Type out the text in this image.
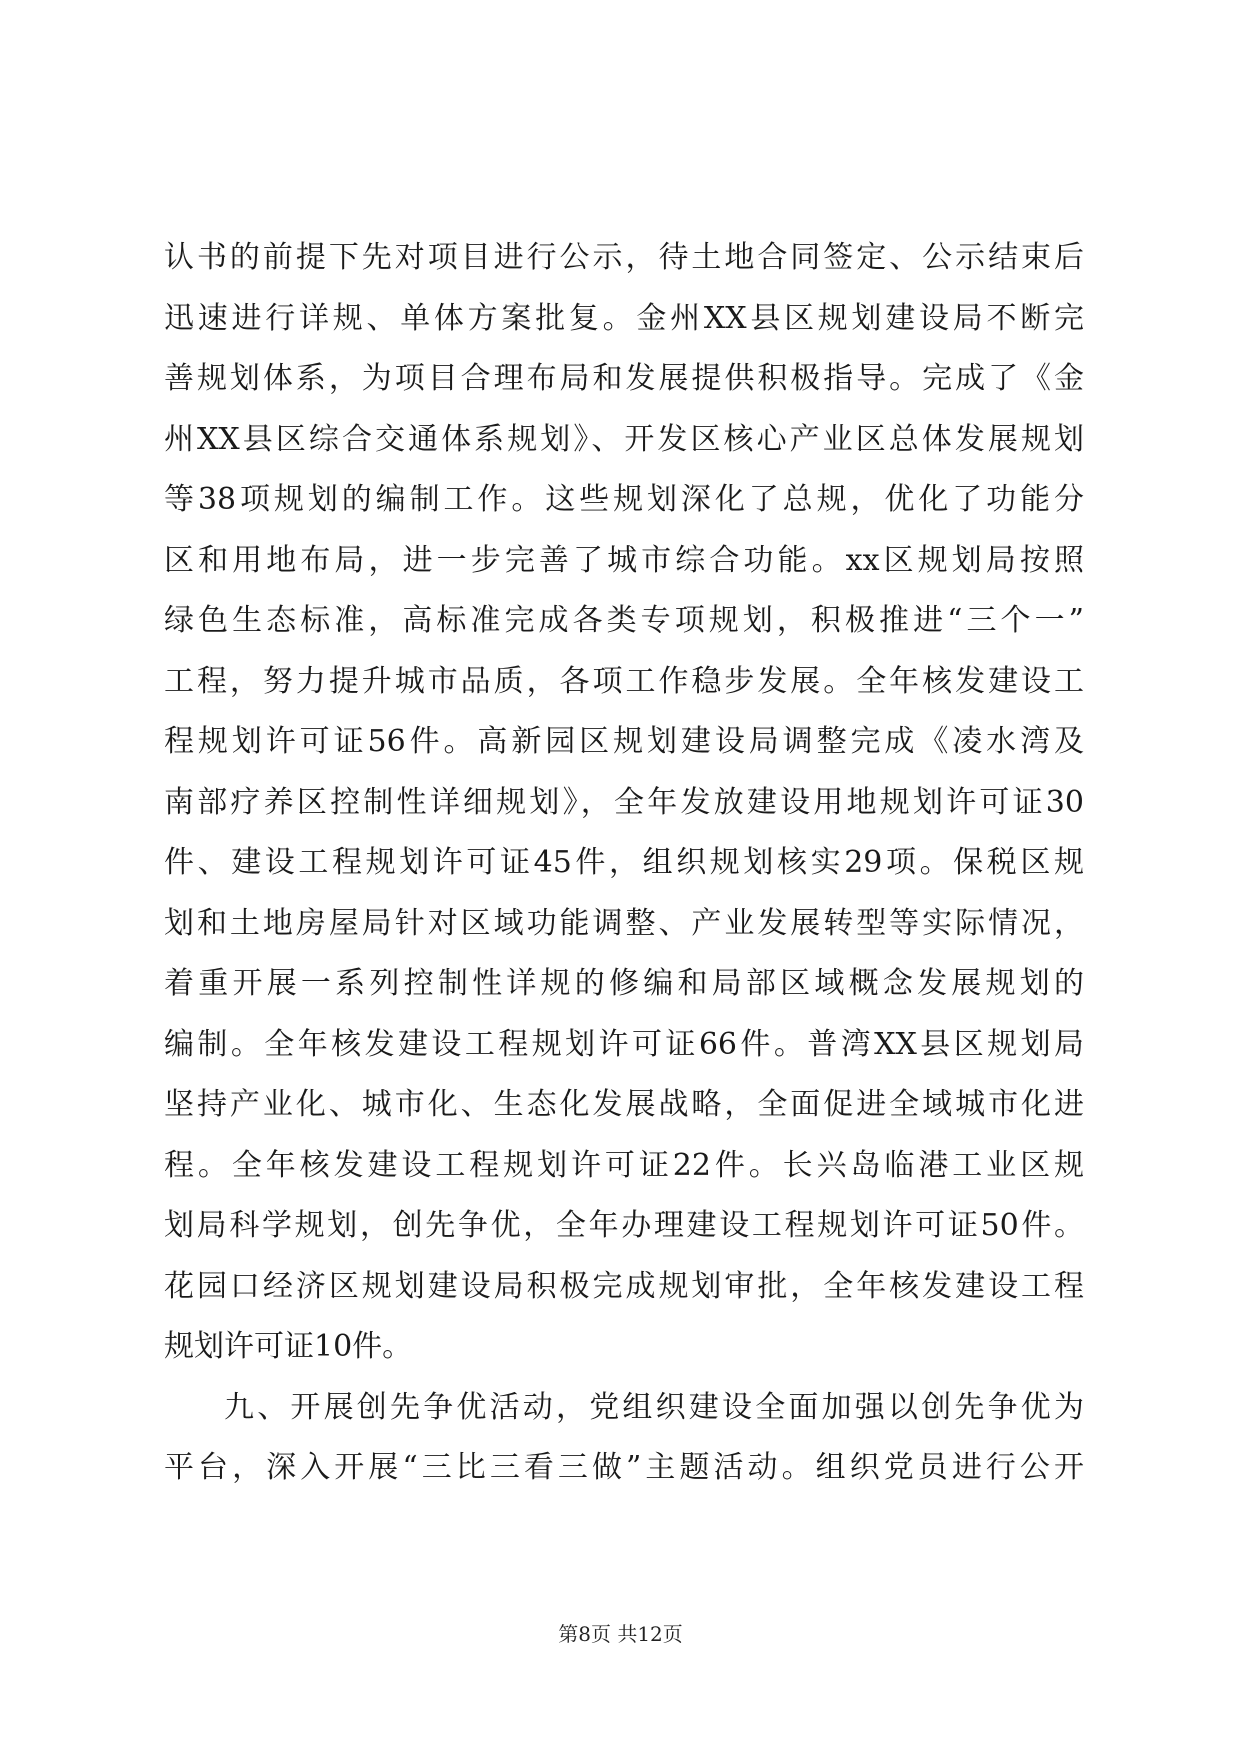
认书的前提下先对项目进行公示，待土地合同签定、公示结束后
迅速进行详规、单体方案批复。金州XX县区规划建设局不断完
善规划体系，为项目合理布局和发展提供积极指导。完成了《金
州XX县区综合交通体系规划》、开发区核心产业区总体发展规划
等38项规划的编制工作。这些规划深化了总规，优化了功能分
区和用地布局，进一步完善了城市综合功能。xx区规划局按照
绿色生态标准，高标准完成各类专项规划，积极推进“三个一”
工程，努力提升城市品质，各项工作稳步发展。全年核发建设工
程规划许可证56件。高新园区规划建设局调整完成《凌水湾及
南部疗养区控制性详细规划》，全年发放建设用地规划许可证30
件、建设工程规划许可证45件，组织规划核实29项。保税区规
划和土地房屋局针对区域功能调整、产业发展转型等实际情况，
着重开展一系列控制性详规的修编和局部区域概念发展规划的
编制。全年核发建设工程规划许可证66件。普湾XX县区规划局
坚持产业化、城市化、生态化发展战略，全面促进全域城市化进
程。全年核发建设工程规划许可证22件。长兴岛临港工业区规
划局科学规划，创先争优，全年办理建设工程规划许可证50件。
花园口经济区规划建设局积极完成规划审批，全年核发建设工程
规划许可证10件。
九、开展创先争优活动，党组织建设全面加强以创先争优为
平台，深入开展“三比三看三做”主题活动。组织党员进行公开
第8页 共12页
